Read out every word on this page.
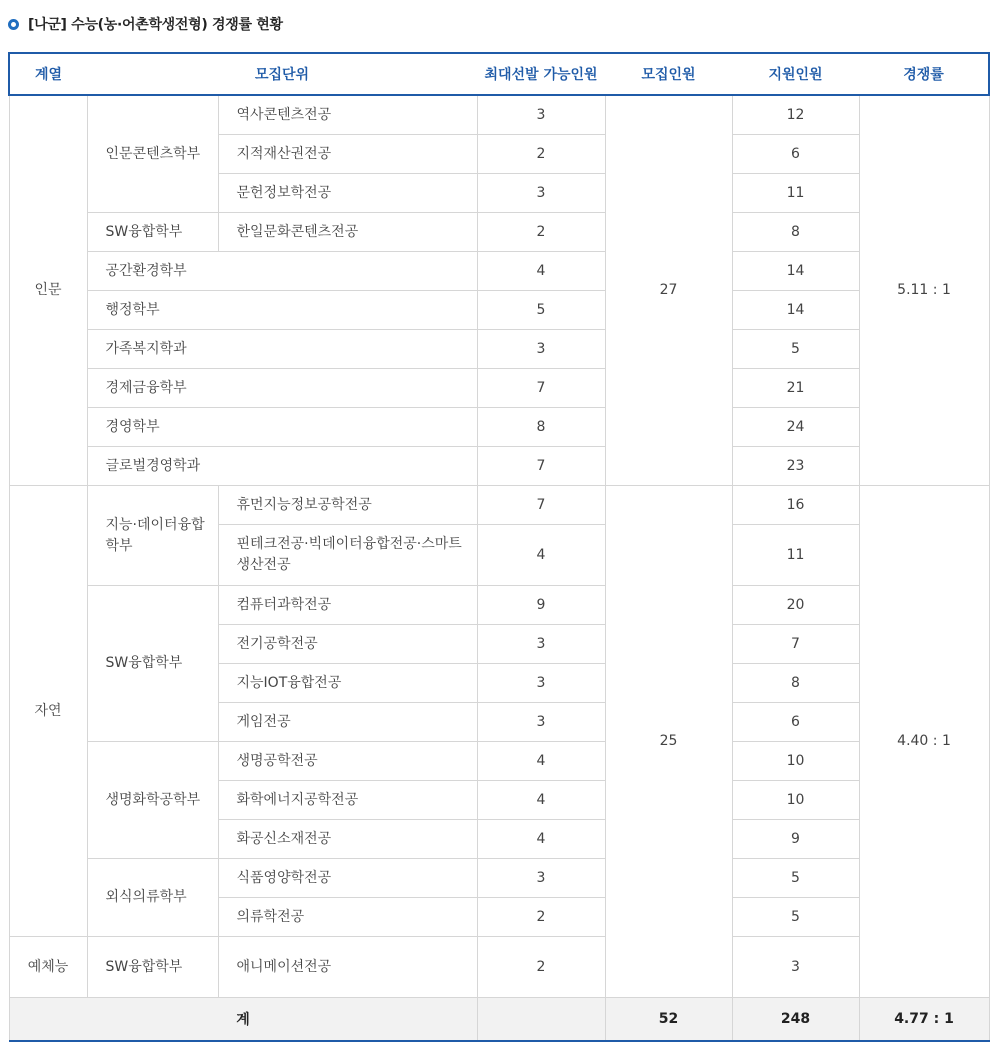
[나군] 수능(농·어촌학생전형) 경쟁률 현황
계열	모집단위		최대선발 가능인원	모집인원	지원인원	경쟁률
인문	인문콘텐츠학부	역사콘텐츠전공	3	27	12	5.11 : 1
		지적재산권전공	2		6	
		문헌정보학전공	3		11	
	SW융합학부	한일문화콘텐츠전공	2		8	
	공간환경학부		4		14	
	행정학부		5		14	
	가족복지학과		3		5	
	경제금융학부		7		21	
	경영학부		8		24	
	글로벌경영학과		7		23	
자연	지능·데이터융합학부	휴먼지능정보공학전공	7	25	16	4.40 : 1
		핀테크전공·빅데이터융합전공·스마트생산전공	4		11	
	SW융합학부	컴퓨터과학전공	9		20	
		전기공학전공	3		7	
		지능IOT융합전공	3		8	
		게임전공	3		6	
	생명화학공학부	생명공학전공	4		10	
		화학에너지공학전공	4		10	
		화공신소재전공	4		9	
	외식의류학부	식품영양학전공	3		5	
		의류학전공	2		5	
예체능	SW융합학부	애니메이션전공	2		3	
계				52	248	4.77 : 1
